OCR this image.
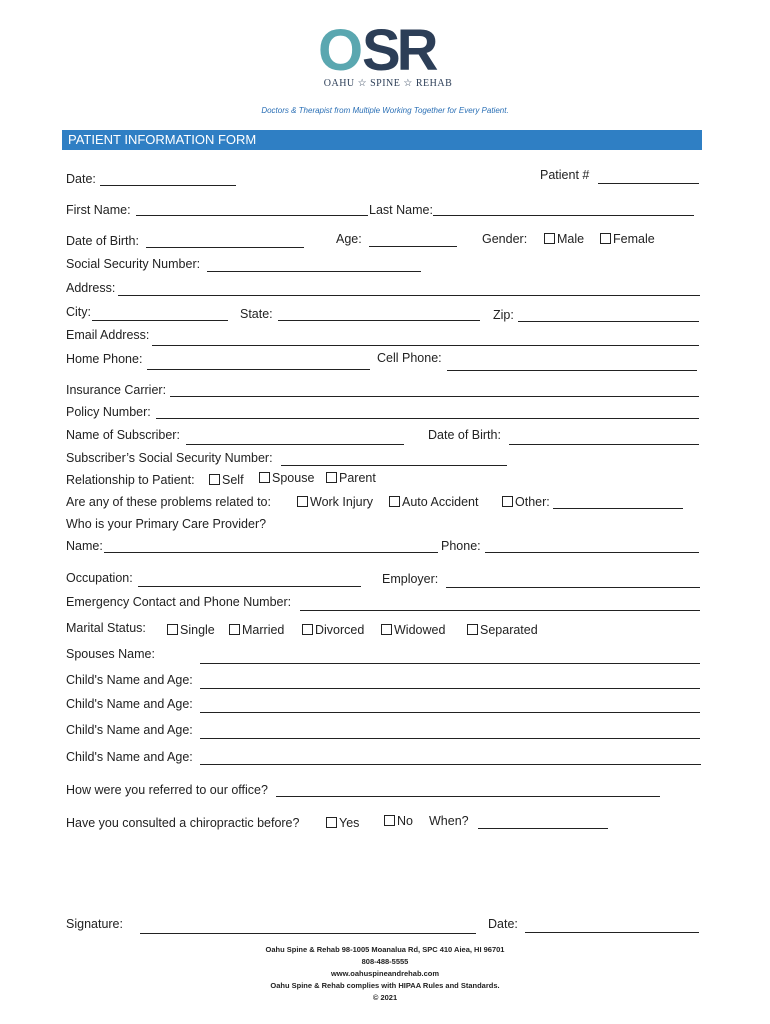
O SR
OAHU ☆ SPINE ☆ REHAB
Doctors & Therapist from Multiple Working Together for Every Patient.
PATIENT INFORMATION FORM
Date:	Patient #
First Name:	Last Name:
Date of Birth:	Age:	Gender:	Male	Female
Social Security Number:
Address:
City:	State:	Zip:
Email Address:
Home Phone:	Cell Phone:
Insurance Carrier:
Policy Number:
Name of Subscriber:	Date of Birth:
Subscriber’s Social Security Number:
Relationship to Patient:	Self	Spouse	Parent
Are any of these problems related to:	Work Injury	Auto Accident	Other:
Who is your Primary Care Provider?
Name:	Phone:
Occupation:	Employer:
Emergency Contact and Phone Number:
Marital Status:	Single	Married	Divorced	Widowed	Separated
Spouses Name:
Child's Name and Age:
Child's Name and Age:
Child's Name and Age:
Child's Name and Age:
How were you referred to our office?
Have you consulted a chiropractic before?	Yes	No When?
Signature:	Date:
Oahu Spine & Rehab 98-1005 Moanalua Rd, SPC 410 Aiea, HI 96701
808-488-5555
www.oahuspineandrehab.com
Oahu Spine & Rehab complies with HIPAA Rules and Standards.
© 2021
